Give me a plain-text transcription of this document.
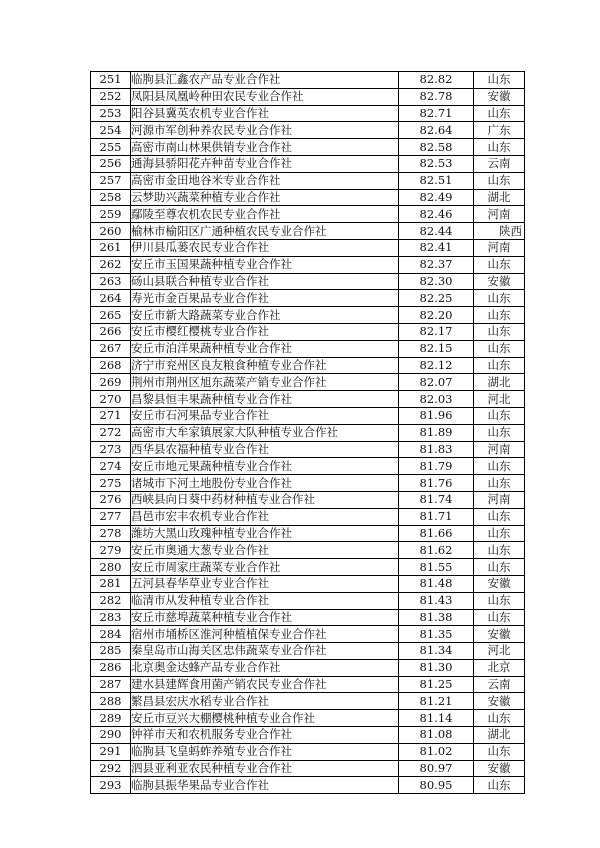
251	临朐县汇鑫农产品专业合作社	82.82	山东
252	凤阳县凤凰岭种田农民专业合作社	82.78	安徽
253	阳谷县冀英农机专业合作社	82.71	山东
254	河源市军创种养农民专业合作社	82.64	广东
255	高密市南山林果供销专业合作社	82.58	山东
256	通海县骄阳花卉种苗专业合作社	82.53	云南
257	高密市金田地谷米专业合作社	82.51	山东
258	云梦助兴蔬菜种植专业合作社	82.49	湖北
259	鄢陵至尊农机农民专业合作社	82.46	河南
260	榆林市榆阳区广通种植农民专业合作社	82.44	陕西
261	伊川县瓜蒌农民专业合作社	82.41	河南
262	安丘市玉国果蔬种植专业合作社	82.37	山东
263	砀山县联合种植专业合作社	82.30	安徽
264	寿光市金百果品专业合作社	82.25	山东
265	安丘市新大路蔬菜专业合作社	82.20	山东
266	安丘市樱红樱桃专业合作社	82.17	山东
267	安丘市泊洋果蔬种植专业合作社	82.15	山东
268	济宁市兖州区良友粮食种植专业合作社	82.12	山东
269	荆州市荆州区旭东蔬菜产销专业合作社	82.07	湖北
270	昌黎县恒丰果蔬种植专业合作社	82.03	河北
271	安丘市石河果品专业合作社	81.96	山东
272	高密市大牟家镇展家大队种植专业合作社	81.89	山东
273	西华县农福种植专业合作社	81.83	河南
274	安丘市地元果蔬种植专业合作社	81.79	山东
275	诸城市下河土地股份专业合作社	81.76	山东
276	西峡县向日葵中药材种植专业合作社	81.74	河南
277	昌邑市宏丰农机专业合作社	81.71	山东
278	潍坊大黑山玫瑰种植专业合作社	81.66	山东
279	安丘市奥通大葱专业合作社	81.62	山东
280	安丘市周家庄蔬菜专业合作社	81.55	山东
281	五河县春华草业专业合作社	81.48	安徽
282	临清市从发种植专业合作社	81.43	山东
283	安丘市慈埠蔬菜种植专业合作社	81.38	山东
284	宿州市埇桥区淮河种植植保专业合作社	81.35	安徽
285	秦皇岛市山海关区忠伟蔬菜专业合作社	81.34	河北
286	北京奥金达蜂产品专业合作社	81.30	北京
287	建水县建辉食用菌产销农民专业合作社	81.25	云南
288	繁昌县宏庆水稻专业合作社	81.21	安徽
289	安丘市豆兴大棚樱桃种植专业合作社	81.14	山东
290	钟祥市天和农机服务专业合作社	81.08	湖北
291	临朐县飞皇蚂蚱养殖专业合作社	81.02	山东
292	泗县亚利亚农民种植专业合作社	80.97	安徽
293	临朐县振华果品专业合作社	80.95	山东
